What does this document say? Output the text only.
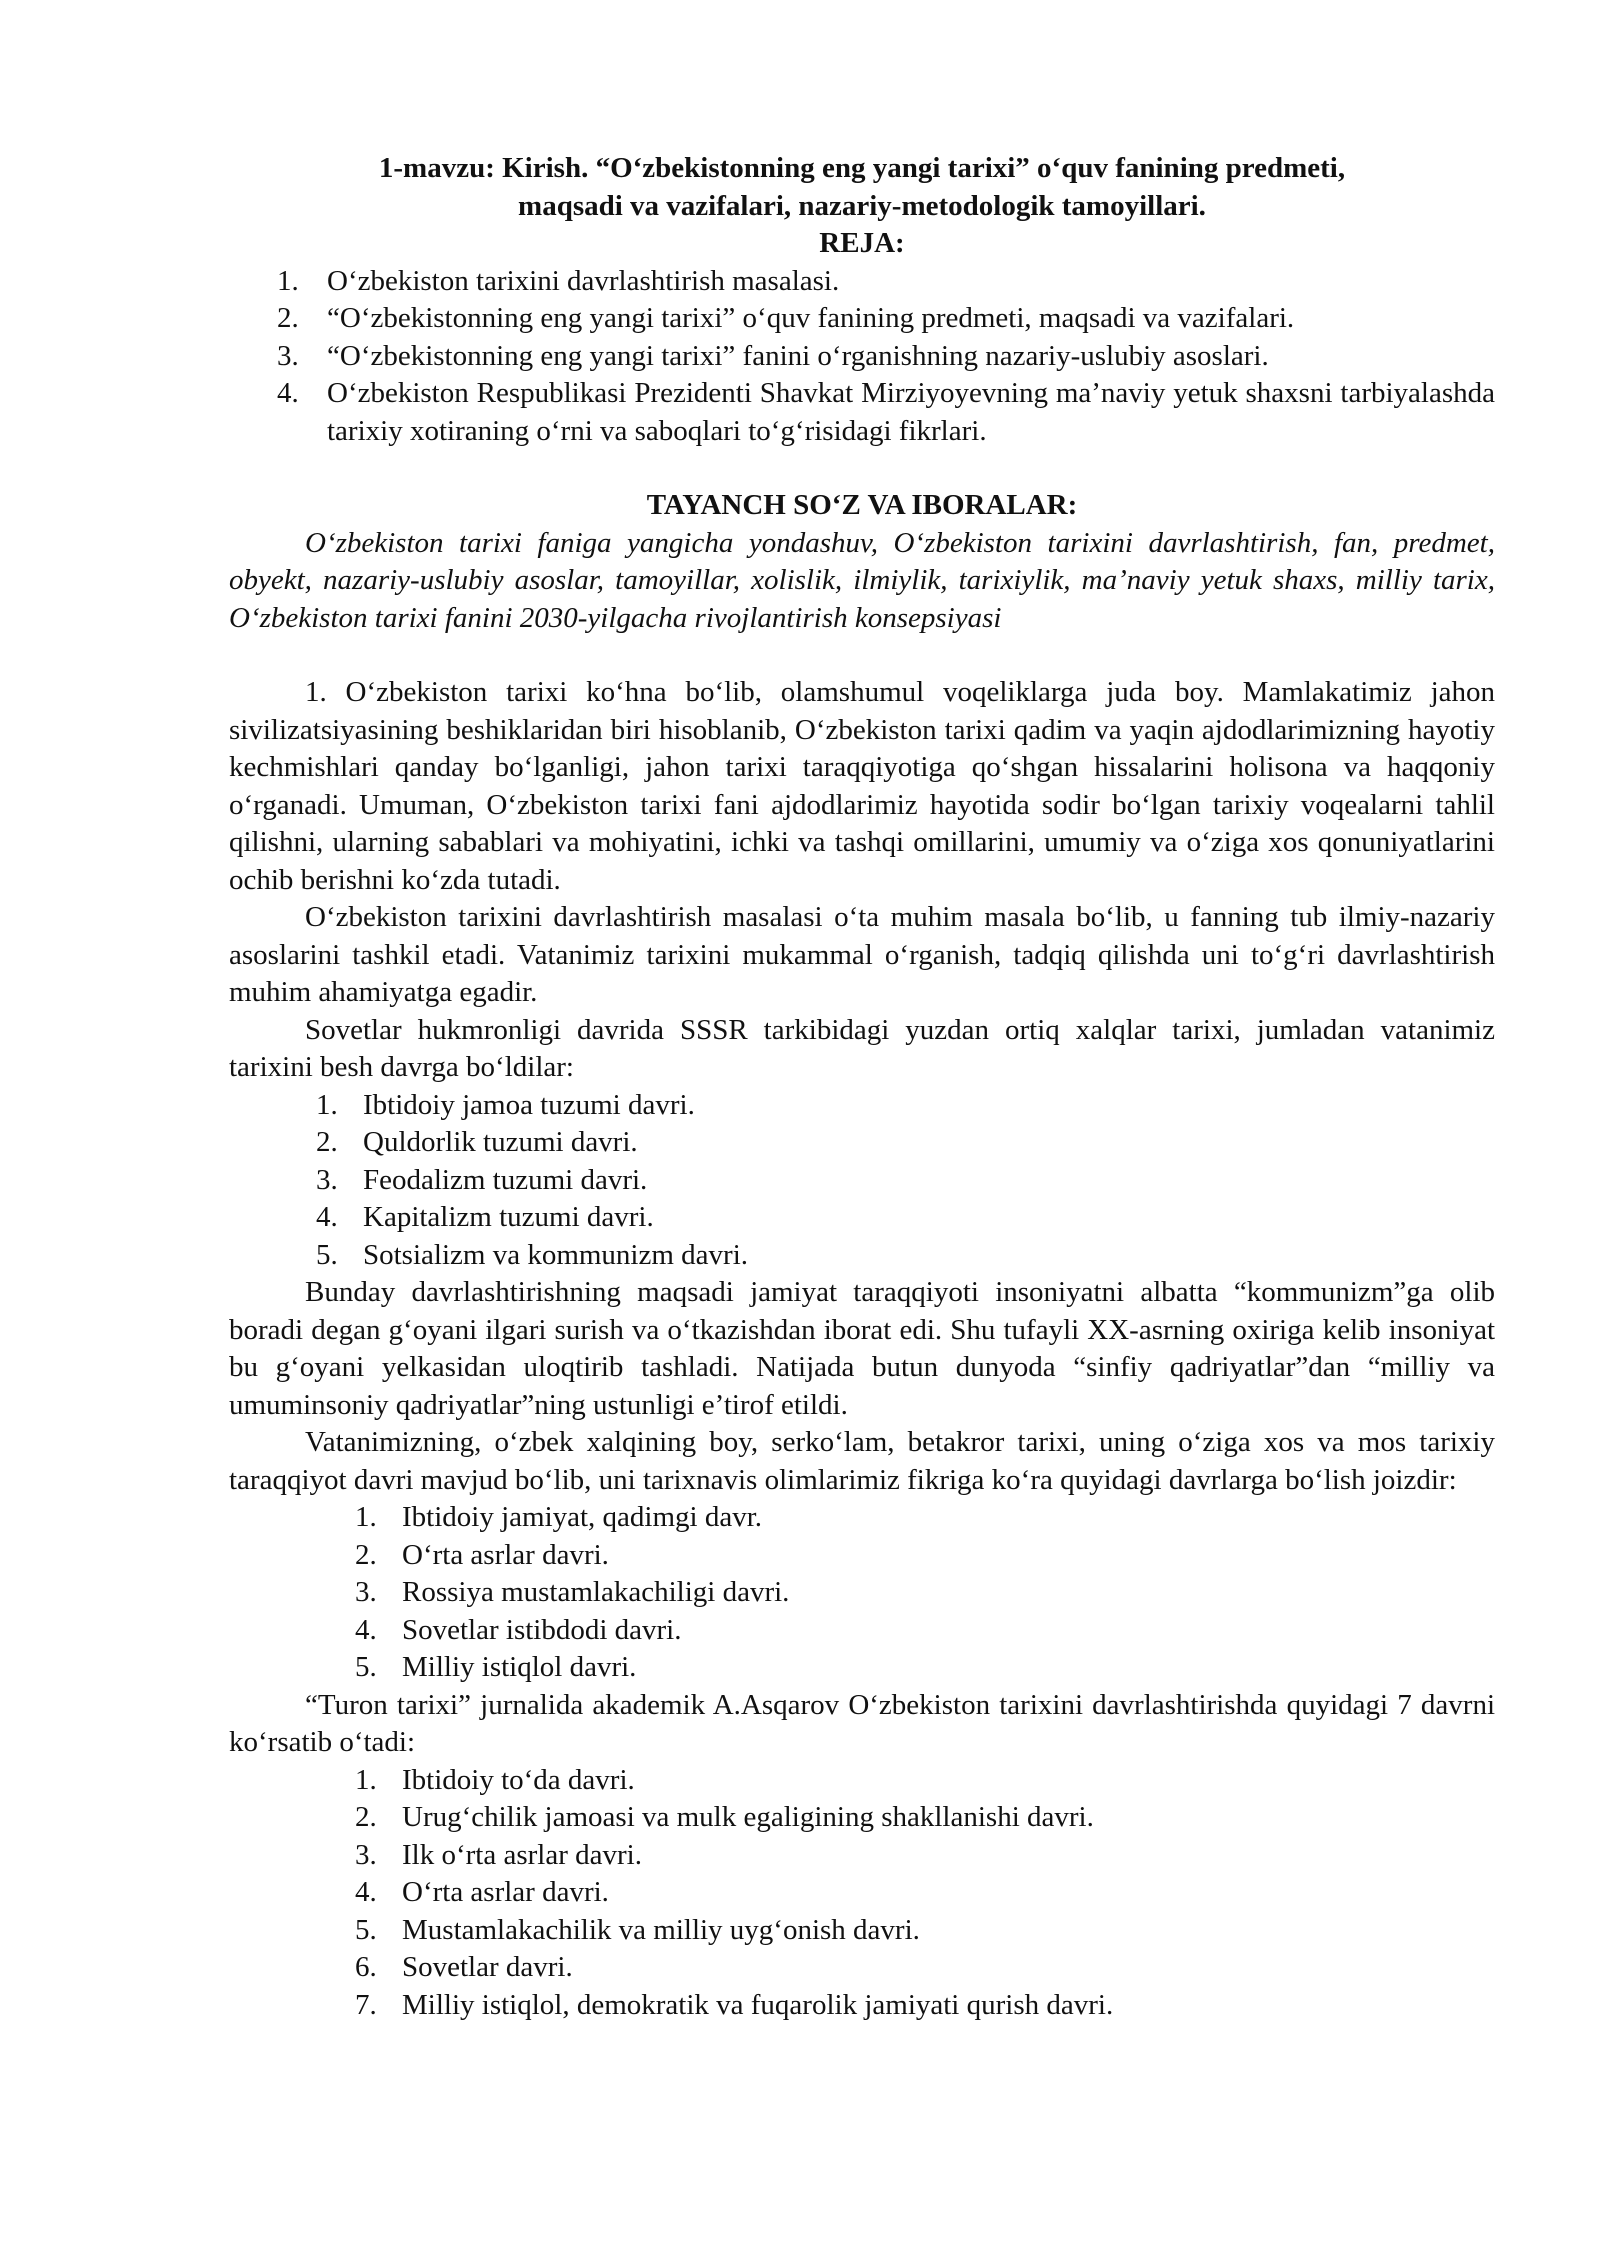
1-mavzu: Kirish. “O‘zbekistonning eng yangi tarixi” o‘quv fanining predmeti,
maqsadi va vazifalari, nazariy-metodologik tamoyillari.
REJA:
1. O‘zbekiston tarixini davrlashtirish masalasi.
2. “O‘zbekistonning eng yangi tarixi” o‘quv fanining predmeti, maqsadi va vazifalari.
3. “O‘zbekistonning eng yangi tarixi” fanini o‘rganishning nazariy-uslubiy asoslari.
4. O‘zbekiston Respublikasi Prezidenti Shavkat Mirziyoyevning ma’naviy yetuk shaxsni tarbiyalashda tarixiy xotiraning o‘rni va saboqlari to‘g‘risidagi fikrlari.
TAYANCH SO‘Z VA IBORALAR:
O‘zbekiston tarixi faniga yangicha yondashuv, O‘zbekiston tarixini davrlashtirish, fan, predmet, obyekt, nazariy-uslubiy asoslar, tamoyillar, xolislik, ilmiylik, tarixiylik, ma’naviy yetuk shaxs, milliy tarix, O‘zbekiston tarixi fanini 2030-yilgacha rivojlantirish konsepsiyasi

1. O‘zbekiston tarixi ko‘hna bo‘lib, olamshumul voqeliklarga juda boy. Mamlakatimiz jahon sivilizatsiyasining beshiklaridan biri hisoblanib, O‘zbekiston tarixi qadim va yaqin ajdodlarimizning hayotiy kechmishlari qanday bo‘lganligi, jahon tarixi taraqqiyotiga qo‘shgan hissalarini holisona va haqqoniy o‘rganadi. Umuman, O‘zbekiston tarixi fani ajdodlarimiz hayotida sodir bo‘lgan tarixiy voqealarni tahlil qilishni, ularning sabablari va mohiyatini, ichki va tashqi omillarini, umumiy va o‘ziga xos qonuniyatlarini ochib berishni ko‘zda tutadi.

O‘zbekiston tarixini davrlashtirish masalasi o‘ta muhim masala bo‘lib, u fanning tub ilmiy-nazariy asoslarini tashkil etadi. Vatanimiz tarixini mukammal o‘rganish, tadqiq qilishda uni to‘g‘ri davrlashtirish muhim ahamiyatga egadir.

Sovetlar hukmronligi davrida SSSR tarkibidagi yuzdan ortiq xalqlar tarixi, jumladan vatanimiz tarixini besh davrga bo‘ldilar:

1. Ibtidoiy jamoa tuzumi davri.
2. Quldorlik tuzumi davri.
3. Feodalizm tuzumi davri.
4. Kapitalizm tuzumi davri.
5. Sotsializm va kommunizm davri.

Bunday davrlashtirishning maqsadi jamiyat taraqqiyoti insoniyatni albatta “kommunizm”ga olib boradi degan g‘oyani ilgari surish va o‘tkazishdan iborat edi. Shu tufayli XX-asrning oxiriga kelib insoniyat bu g‘oyani yelkasidan uloqtirib tashladi. Natijada butun dunyoda “sinfiy qadriyatlar”dan “milliy va umuminsoniy qadriyatlar”ning ustunligi e’tirof etildi.

Vatanimizning, o‘zbek xalqining boy, serko‘lam, betakror tarixi, uning o‘ziga xos va mos tarixiy taraqqiyot davri mavjud bo‘lib, uni tarixnavis olimlarimiz fikriga ko‘ra quyidagi davrlarga bo‘lish joizdir:

1. Ibtidoiy jamiyat, qadimgi davr.
2. O‘rta asrlar davri.
3. Rossiya mustamlakachiligi davri.
4. Sovetlar istibdodi davri.
5. Milliy istiqlol davri.

“Turon tarixi” jurnalida akademik A.Asqarov O‘zbekiston tarixini davrlashtirishda quyidagi 7 davrni ko‘rsatib o‘tadi:

1. Ibtidoiy to‘da davri.
2. Urug‘chilik jamoasi va mulk egaligining shakllanishi davri.
3. Ilk o‘rta asrlar davri.
4. O‘rta asrlar davri.
5. Mustamlakachilik va milliy uyg‘onish davri.
6. Sovetlar davri.
7. Milliy istiqlol, demokratik va fuqarolik jamiyati qurish davri.
